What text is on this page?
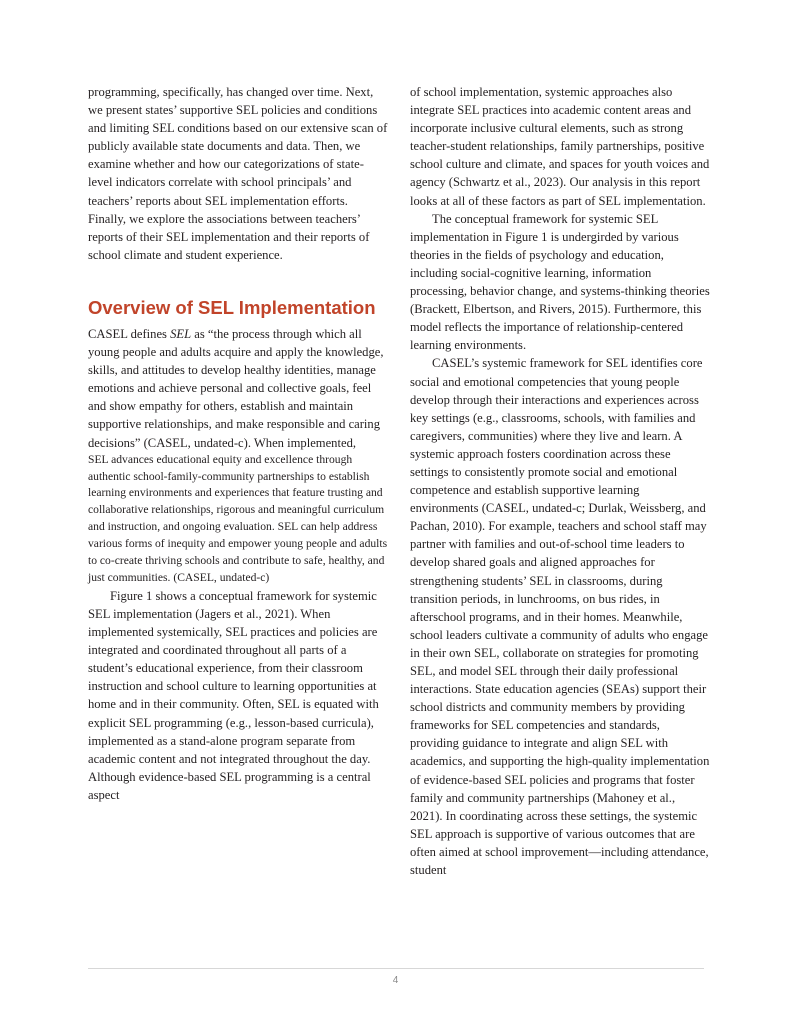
programming, specifically, has changed over time. Next, we present states’ supportive SEL policies and conditions and limiting SEL conditions based on our extensive scan of publicly available state documents and data. Then, we examine whether and how our categorizations of state-level indicators correlate with school principals’ and teachers’ reports about SEL implementation efforts. Finally, we explore the associations between teachers’ reports of their SEL implementation and their reports of school climate and student experience.

Overview of SEL Implementation

CASEL defines SEL as “the process through which all young people and adults acquire and apply the knowledge, skills, and attitudes to develop healthy identities, manage emotions and achieve personal and collective goals, feel and show empathy for others, establish and maintain supportive relationships, and make responsible and caring decisions” (CASEL, undated-c). When implemented,

SEL advances educational equity and excellence through authentic school-family-community partnerships to establish learning environments and experiences that feature trusting and collaborative relationships, rigorous and meaningful curriculum and instruction, and ongoing evaluation. SEL can help address various forms of inequity and empower young people and adults to co-create thriving schools and contribute to safe, healthy, and just communities. (CASEL, undated-c)

Figure 1 shows a conceptual framework for systemic SEL implementation (Jagers et al., 2021). When implemented systemically, SEL practices and policies are integrated and coordinated throughout all parts of a student’s educational experience, from their classroom instruction and school culture to learning opportunities at home and in their community. Often, SEL is equated with explicit SEL programming (e.g., lesson-based curricula), implemented as a stand-alone program separate from academic content and not integrated throughout the day. Although evidence-based SEL programming is a central aspect

of school implementation, systemic approaches also integrate SEL practices into academic content areas and incorporate inclusive cultural elements, such as strong teacher-student relationships, family partnerships, positive school culture and climate, and spaces for youth voices and agency (Schwartz et al., 2023). Our analysis in this report looks at all of these factors as part of SEL implementation.

The conceptual framework for systemic SEL implementation in Figure 1 is undergirded by various theories in the fields of psychology and education, including social-cognitive learning, information processing, behavior change, and systems-thinking theories (Brackett, Elbertson, and Rivers, 2015). Furthermore, this model reflects the importance of relationship-centered learning environments.

CASEL’s systemic framework for SEL identifies core social and emotional competencies that young people develop through their interactions and experiences across key settings (e.g., classrooms, schools, with families and caregivers, communities) where they live and learn. A systemic approach fosters coordination across these settings to consistently promote social and emotional competence and establish supportive learning environments (CASEL, undated-c; Durlak, Weissberg, and Pachan, 2010). For example, teachers and school staff may partner with families and out-of-school time leaders to develop shared goals and aligned approaches for strengthening students’ SEL in classrooms, during transition periods, in lunchrooms, on bus rides, in afterschool programs, and in their homes. Meanwhile, school leaders cultivate a community of adults who engage in their own SEL, collaborate on strategies for promoting SEL, and model SEL through their daily professional interactions. State education agencies (SEAs) support their school districts and community members by providing frameworks for SEL competencies and standards, providing guidance to integrate and align SEL with academics, and supporting the high-quality implementation of evidence-based SEL policies and programs that foster family and community partnerships (Mahoney et al., 2021). In coordinating across these settings, the systemic SEL approach is supportive of various outcomes that are often aimed at school improvement—including attendance, student

4
